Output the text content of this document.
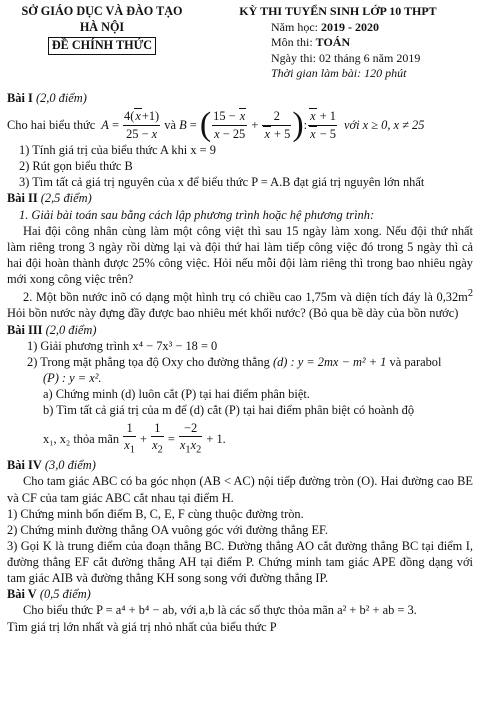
SỞ GIÁO DỤC VÀ ĐÀO TẠO
HÀ NỘI
ĐỀ CHÍNH THỨC
KỲ THI TUYỂN SINH LỚP 10 THPT
Năm học: 2019 - 2020
Môn thi: TOÁN
Ngày thi: 02 tháng 6 năm 2019
Thời gian làm bài: 120 phút

Bài I (2,0 điểm)

Cho hai biểu thức $A = \frac{4(x+1)}{25 - x}$ và B = ( $\frac{15 - x}{x - 25} + \frac{2}{x + 5}$ ) : $\frac{x + 1}{x - 5}$ với x ≥ 0, x ≠ 25

1) Tính giá trị của biểu thức A khi x = 9

2) Rút gọn biểu thức B

3) Tìm tất cả giá trị nguyên của x để biểu thức P = A.B đạt giá trị nguyên lớn nhất

Bài II (2,5 điểm)

1. Giải bài toán sau bằng cách lập phương trình hoặc hệ phương trình:

Hai đội công nhân cùng làm một công việt thì sau 15 ngày làm xong. Nếu đội thứ nhất làm riêng trong 3 ngày rồi dừng lại và đội thứ hai làm tiếp công việc đó trong 5 ngày thì cả hai đội hoàn thành được 25% công việc. Hỏi nếu mỗi đội làm riêng thì trong bao nhiêu ngày mới xong công việc trên?

2. Một bồn nước inõ có dạng một hình trụ có chiều cao 1,75m và diện tích đáy là $0,32m^2$ Hỏi bồn nước này đựng đầy được bao nhiêu mét khối nước? (Bỏ qua bề dày của bồn nước)

Bài III (2,0 điểm)

1) Giải phương trình x⁴ − 7x³ − 18 = 0

2) Trong mặt phẳng tọa độ Oxy cho đường thẳng (d) : y = 2mx − m² + 1 và parabol

(P) : y = x².

a) Chứng minh (d) luôn cắt (P) tại hai điểm phân biệt.

b) Tìm tất cả giá trị của m để (d) cắt (P) tại hai điểm phân biệt có hoành độ

x₁, x₂ thỏa mãn
$\frac{1}{x_1} + \frac{1}{x_2} = \frac{-2}{x_1x_2}$
+ 1.

Bài IV (3,0 điểm)

Cho tam giác ABC có ba góc nhọn (AB < AC) nội tiếp đường tròn (O). Hai đường cao BE và CF của tam giác ABC cắt nhau tại điểm H.

1) Chứng minh bốn điểm B, C, E, F cùng thuộc đường tròn.

2) Chứng minh đường thẳng OA vuông góc với đường thẳng EF.

3) Gọi K là trung điểm của đoạn thẳng BC. Đường thẳng AO cắt đường thẳng BC tại điểm I, đường thẳng EF cắt đường thẳng AH tại điểm P. Chứng minh tam giác APE đồng dạng với tam giác AIB và đường thẳng KH song song với đường thẳng IP.

Bài V (0,5 điểm)

Cho biểu thức P = a⁴ + b⁴ − ab, với a,b là các số thực thỏa mãn a² + b² + ab = 3.

Tìm giá trị lớn nhất và giá trị nhỏ nhất của biểu thức P
